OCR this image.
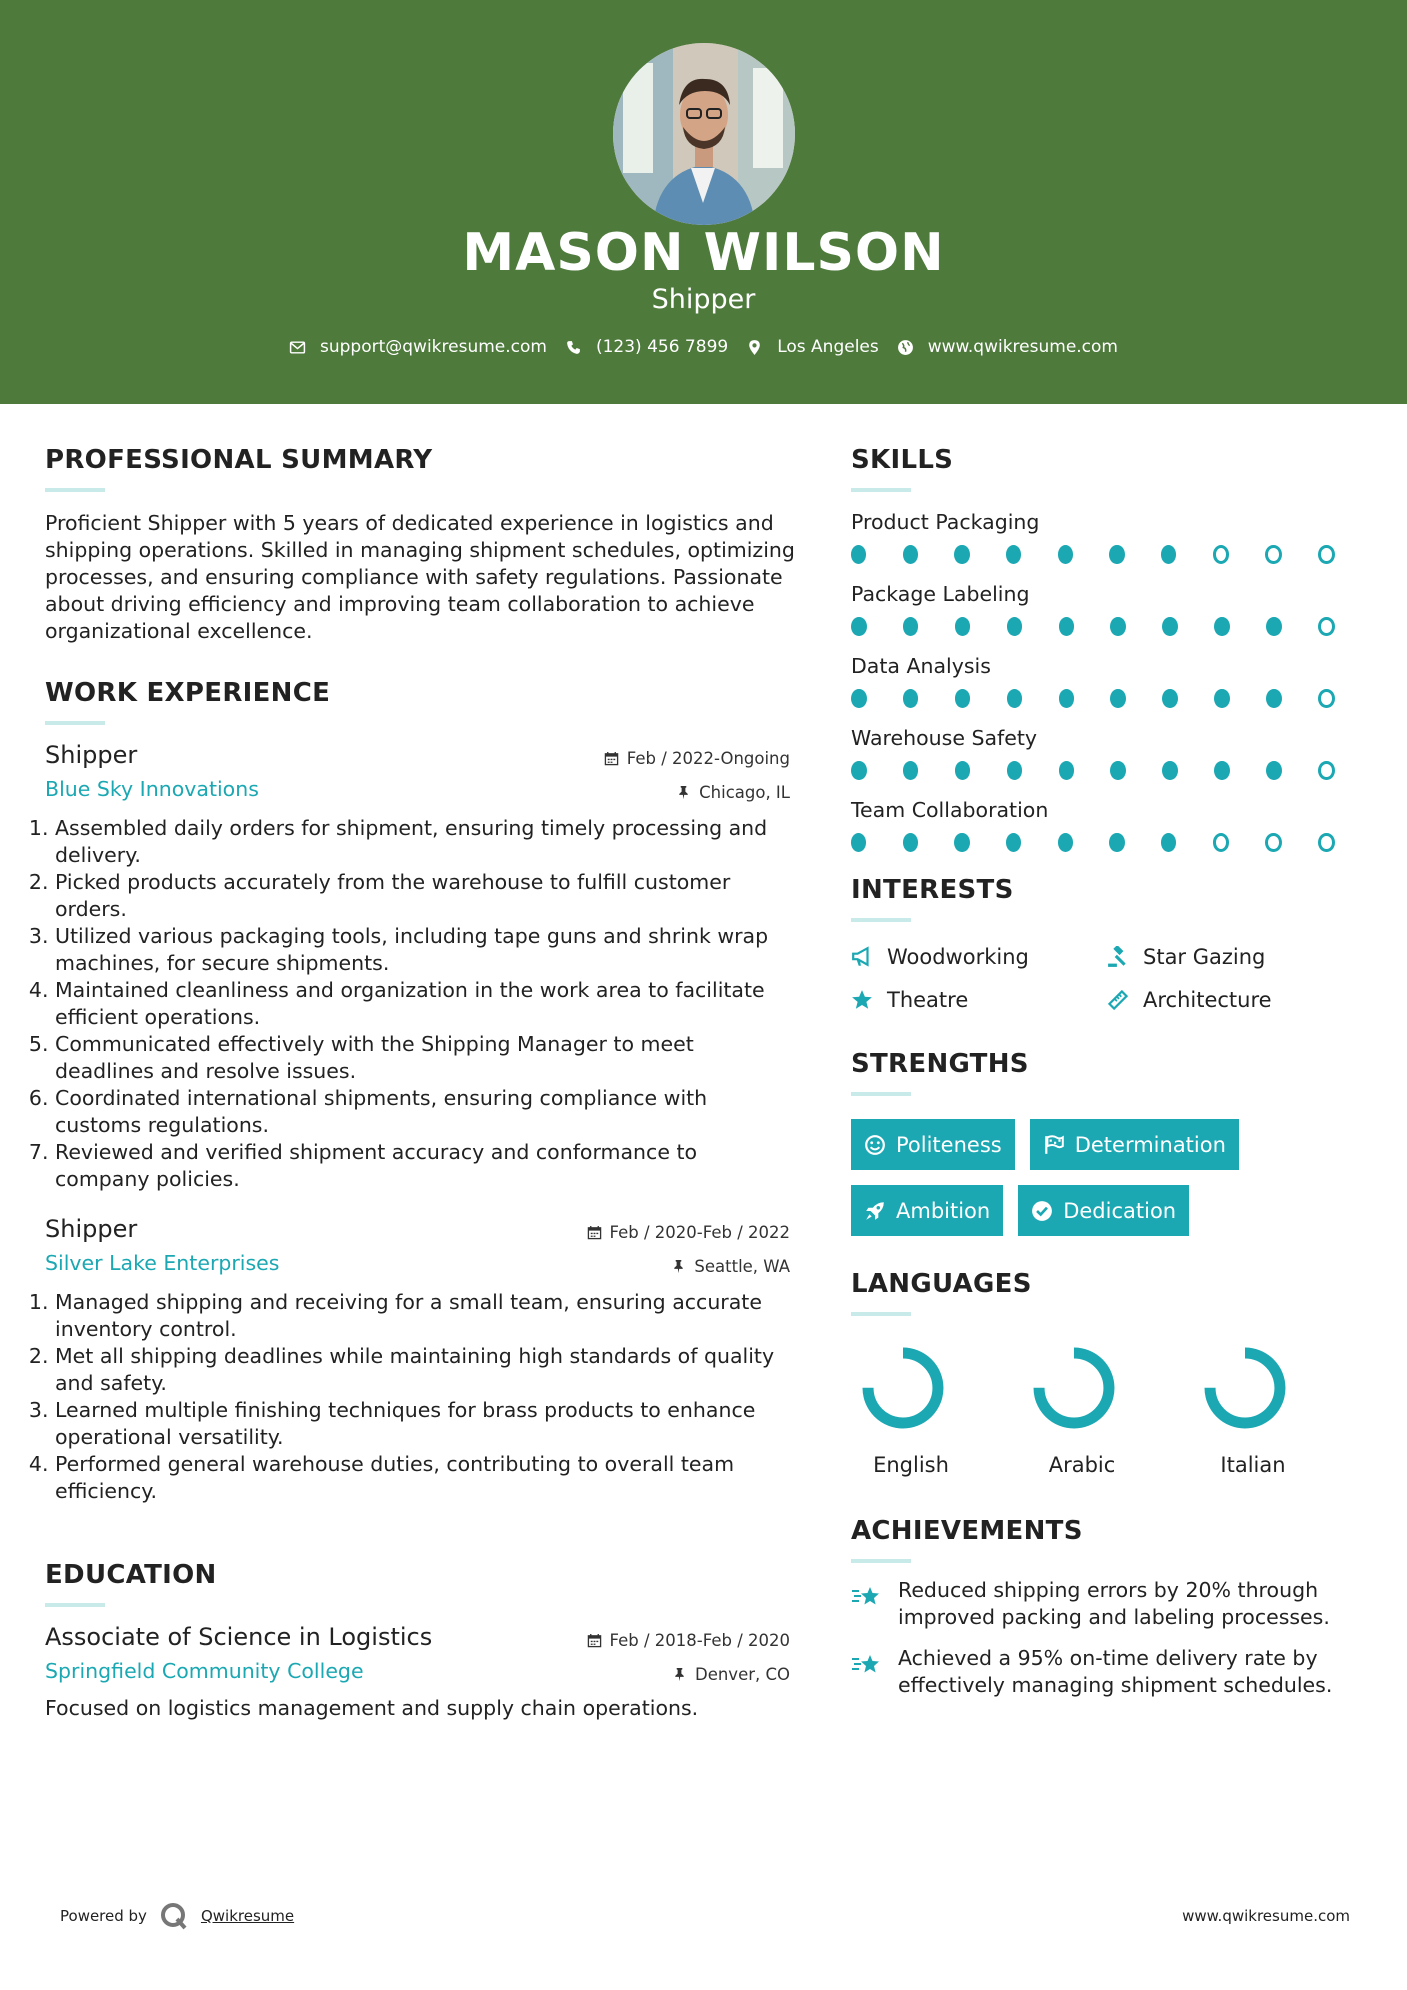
MASON WILSON
Shipper
support@qwikresume.com	(123) 456 7899	Los Angeles	www.qwikresume.com
PROFESSIONAL SUMMARY

Proficient Shipper with 5 years of dedicated experience in logistics and shipping operations. Skilled in managing shipment schedules, optimizing processes, and ensuring compliance with safety regulations. Passionate about driving efficiency and improving team collaboration to achieve organizational excellence.

WORK EXPERIENCE
Shipper	Feb / 2022-Ongoing
Blue Sky Innovations	Chicago, IL
1. Assembled daily orders for shipment, ensuring timely processing and delivery.
2. Picked products accurately from the warehouse to fulfill customer orders.
3. Utilized various packaging tools, including tape guns and shrink wrap machines, for secure shipments.
4. Maintained cleanliness and organization in the work area to facilitate efficient operations.
5. Communicated effectively with the Shipping Manager to meet deadlines and resolve issues.
6. Coordinated international shipments, ensuring compliance with customs regulations.
7. Reviewed and verified shipment accuracy and conformance to company policies.
Shipper	Feb / 2020-Feb / 2022
Silver Lake Enterprises	Seattle, WA
1. Managed shipping and receiving for a small team, ensuring accurate inventory control.
2. Met all shipping deadlines while maintaining high standards of quality and safety.
3. Learned multiple finishing techniques for brass products to enhance operational versatility.
4. Performed general warehouse duties, contributing to overall team efficiency.
EDUCATION
Associate of Science in Logistics	Feb / 2018-Feb / 2020
Springfield Community College	Denver, CO

Focused on logistics management and supply chain operations.

SKILLS
Product Packaging
Package Labeling
Data Analysis
Warehouse Safety
Team Collaboration
INTERESTS
Woodworking	Star Gazing
Theatre	Architecture
STRENGTHS
Politeness	Determination
Ambition	Dedication
LANGUAGES
English	Arabic	Italian
ACHIEVEMENTS
Reduced shipping errors by 20% through improved packing and labeling processes.
Achieved a 95% on-time delivery rate by effectively managing shipment schedules.
Powered by	Qwikresume	www.qwikresume.com
